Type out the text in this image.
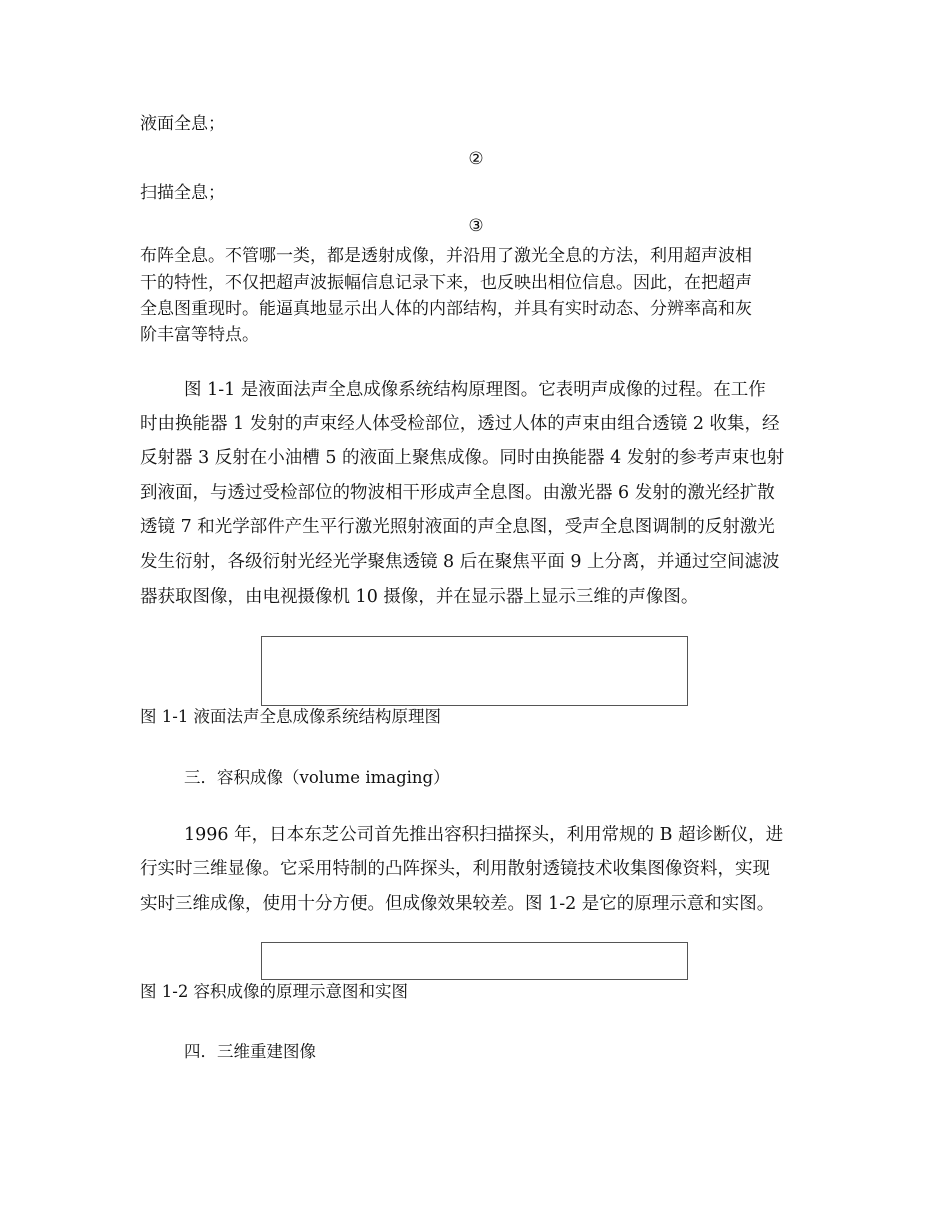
液面全息；
②
扫描全息；
③
布阵全息。不管哪一类，都是透射成像，并沿用了激光全息的方法，利用超声波相
干的特性，不仅把超声波振幅信息记录下来，也反映出相位信息。因此，在把超声
全息图重现时。能逼真地显示出人体的内部结构，并具有实时动态、分辨率高和灰
阶丰富等特点。
图 1-1 是液面法声全息成像系统结构原理图。它表明声成像的过程。在工作
时由换能器 1 发射的声束经人体受检部位，透过人体的声束由组合透镜 2 收集，经
反射器 3 反射在小油槽 5 的液面上聚焦成像。同时由换能器 4 发射的参考声束也射
到液面，与透过受检部位的物波相干形成声全息图。由激光器 6 发射的激光经扩散
透镜 7 和光学部件产生平行激光照射液面的声全息图，受声全息图调制的反射激光
发生衍射，各级衍射光经光学聚焦透镜 8 后在聚焦平面 9 上分离，并通过空间滤波
器获取图像，由电视摄像机 10 摄像，并在显示器上显示三维的声像图。
图 1-1 液面法声全息成像系统结构原理图
三．容积成像（volume imaging）
1996 年，日本东芝公司首先推出容积扫描探头，利用常规的 B 超诊断仪，进
行实时三维显像。它采用特制的凸阵探头，利用散射透镜技术收集图像资料，实现
实时三维成像，使用十分方便。但成像效果较差。图 1-2 是它的原理示意和实图。
图 1-2 容积成像的原理示意图和实图
四．三维重建图像
